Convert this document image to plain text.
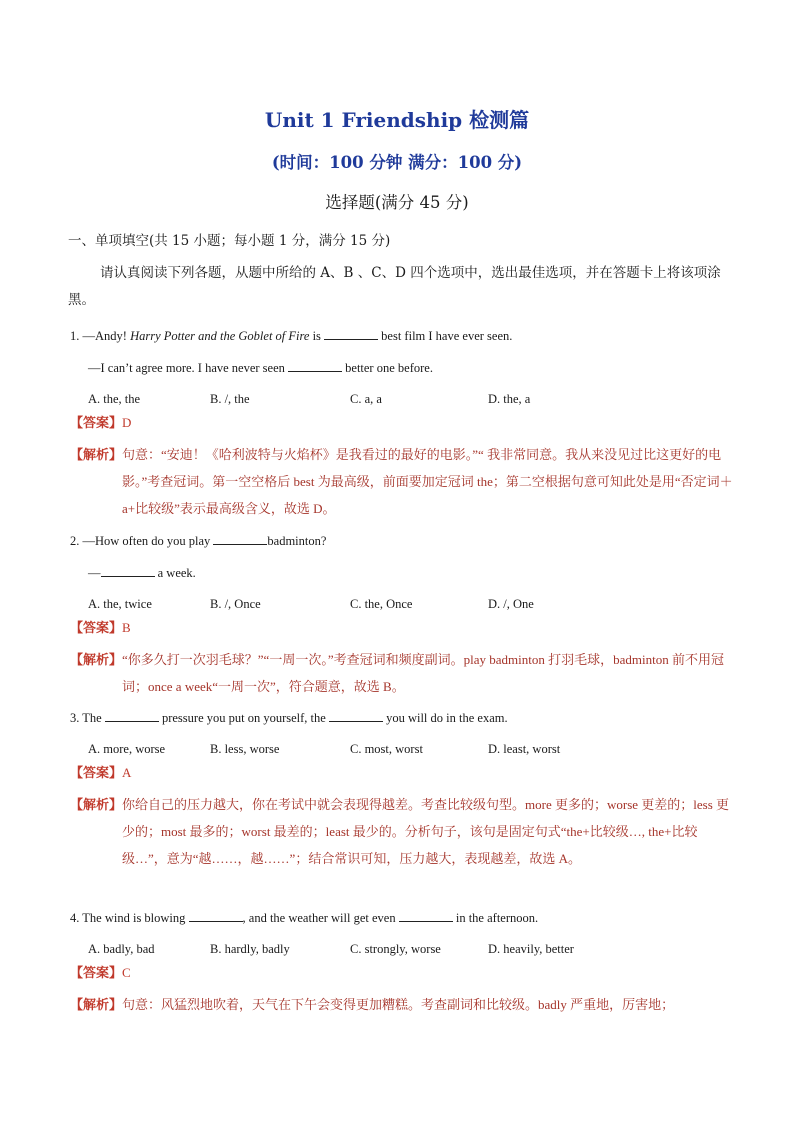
Unit 1 Friendship 检测篇
(时间：100 分钟 满分：100 分)
选择题(满分 45 分)
一、单项填空(共 15 小题；每小题 1 分，满分 15 分)
请认真阅读下列各题，从题中所给的 A、B 、C、D 四个选项中，选出最佳选项，并在答题卡上将该项涂黑。
1. —Andy! Harry Potter and the Goblet of Fire is	best film I have ever seen.
—I can’t agree more. I have never seen	better one before.
A. the, the	B. /, the	C. a, a	D. the, a
【答案】D
【解析】 句意：“安迪！《哈利波特与火焰杯》是我看过的最好的电影。”“ 我非常同意。我从来没见过比这更好的电影。”考查冠词。第一空空格后 best 为最高级，前面要加定冠词 the；第二空根据句意可知此处是用“否定词＋a+比较级”表示最高级含义，故选 D。
2. —How often do you play	badminton?
—	a week.
A. the, twice	B. /, Once	C. the, Once	D. /, One
【答案】B
【解析】 “你多久打一次羽毛球？”“一周一次。”考查冠词和频度副词。play badminton 打羽毛球，badminton 前不用冠词；once a week“一周一次”，符合题意，故选 B。
3. The	pressure you put on yourself, the	you will do in the exam.
A. more, worse	B. less, worse	C. most, worst	D. least, worst
【答案】A
【解析】 你给自己的压力越大，你在考试中就会表现得越差。考查比较级句型。more 更多的；worse 更差的；less 更少的；most 最多的；worst 最差的；least 最少的。分析句子，该句是固定句式“the+比较级…, the+比较级…”，意为“越……，越……”；结合常识可知，压力越大，表现越差，故选 A。
4. The wind is blowing	, and the weather will get even	in the afternoon.
A. badly, bad	B. hardly, badly	C. strongly, worse	D. heavily, better
【答案】C
【解析】 句意：风猛烈地吹着，天气在下午会变得更加糟糕。考查副词和比较级。badly 严重地，厉害地；
